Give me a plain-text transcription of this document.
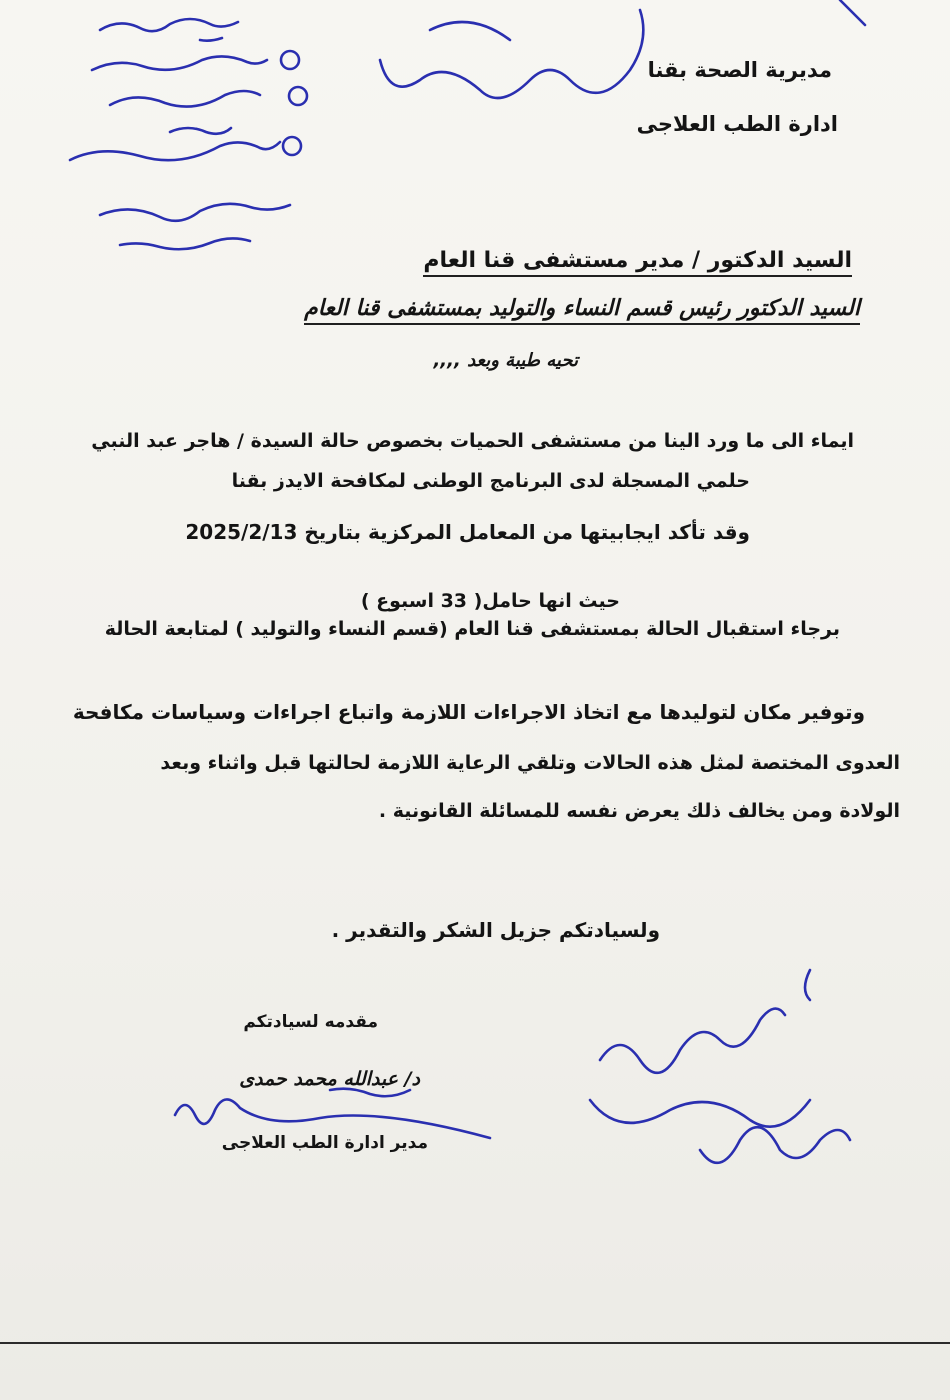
مديرية الصحة بقنا
ادارة الطب العلاجى
السيد الدكتور / مدير مستشفى قنا العام
السيد الدكتور رئيس قسم النساء والتوليد بمستشفى قنا العام
تحيه طيبة وبعد ,,,,
ايماء الى ما ورد الينا من مستشفى الحميات بخصوص حالة السيدة / هاجر عبد النبي
حلمي المسجلة لدى البرنامج الوطنى لمكافحة الايدز بقنا
وقد تأكد ايجابيتها من المعامل المركزية بتاريخ 2025/2/13
حيث انها حامل( 33 اسبوع )
برجاء استقبال الحالة بمستشفى قنا العام (قسم النساء والتوليد ) لمتابعة الحالة
وتوفير مكان لتوليدها مع اتخاذ الاجراءات اللازمة واتباع اجراءات وسياسات مكافحة
العدوى المختصة لمثل هذه الحالات وتلقي الرعاية اللازمة لحالتها قبل واثناء وبعد
الولادة ومن يخالف ذلك يعرض نفسه للمسائلة القانونية .
ولسيادتكم جزيل الشكر والتقدير .
مقدمه لسيادتكم
د/ عبدالله محمد حمدى
مدير ادارة الطب العلاجى
